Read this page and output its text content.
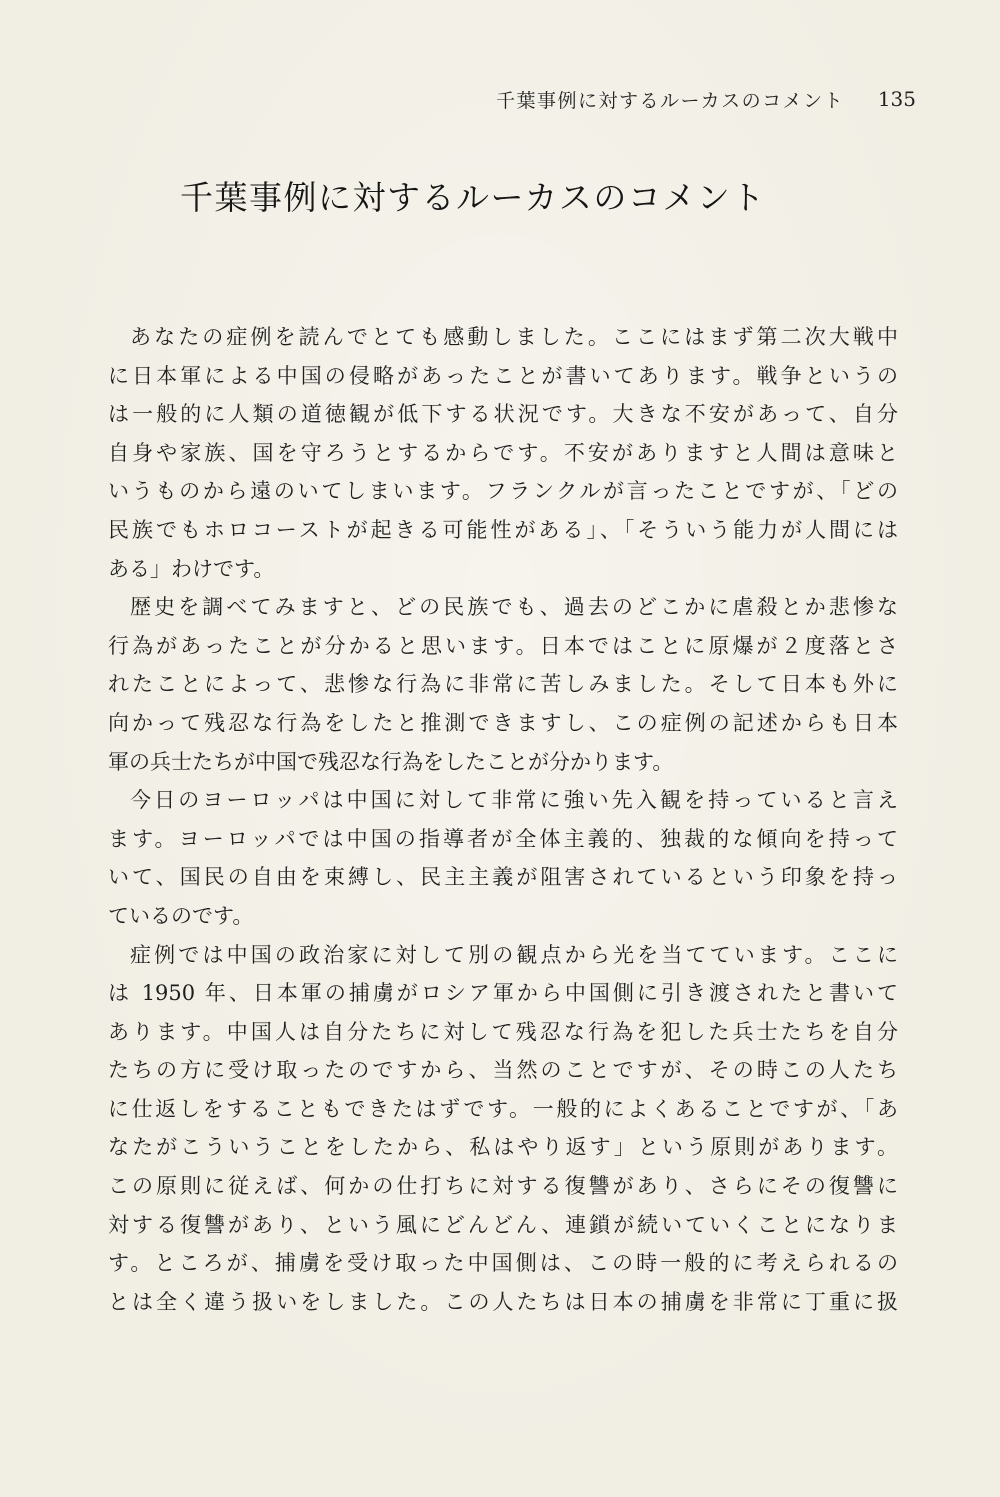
千葉事例に対するルーカスのコメント 135
千葉事例に対するルーカスのコメント
あなたの症例を読んでとても感動しました。ここにはまず第二次大戦中
に日本軍による中国の侵略があったことが書いてあります。戦争というの
は一般的に人類の道徳観が低下する状況です。大きな不安があって、自分
自身や家族、国を守ろうとするからです。不安がありますと人間は意味と
いうものから遠のいてしまいます。フランクルが言ったことですが、「どの
民族でもホロコーストが起きる可能性がある」、「そういう能力が人間には
ある」わけです。
歴史を調べてみますと、どの民族でも、過去のどこかに虐殺とか悲惨な
行為があったことが分かると思います。日本ではことに原爆が２度落とさ
れたことによって、悲惨な行為に非常に苦しみました。そして日本も外に
向かって残忍な行為をしたと推測できますし、この症例の記述からも日本
軍の兵士たちが中国で残忍な行為をしたことが分かります。
今日のヨーロッパは中国に対して非常に強い先入観を持っていると言え
ます。ヨーロッパでは中国の指導者が全体主義的、独裁的な傾向を持って
いて、国民の自由を束縛し、民主主義が阻害されているという印象を持っ
ているのです。
症例では中国の政治家に対して別の観点から光を当てています。ここに
は 1950 年、日本軍の捕虜がロシア軍から中国側に引き渡されたと書いて
あります。中国人は自分たちに対して残忍な行為を犯した兵士たちを自分
たちの方に受け取ったのですから、当然のことですが、その時この人たち
に仕返しをすることもできたはずです。一般的によくあることですが、「あ
なたがこういうことをしたから、私はやり返す」という原則があります。
この原則に従えば、何かの仕打ちに対する復讐があり、さらにその復讐に
対する復讐があり、という風にどんどん、連鎖が続いていくことになりま
す。ところが、捕虜を受け取った中国側は、この時一般的に考えられるの
とは全く違う扱いをしました。この人たちは日本の捕虜を非常に丁重に扱
